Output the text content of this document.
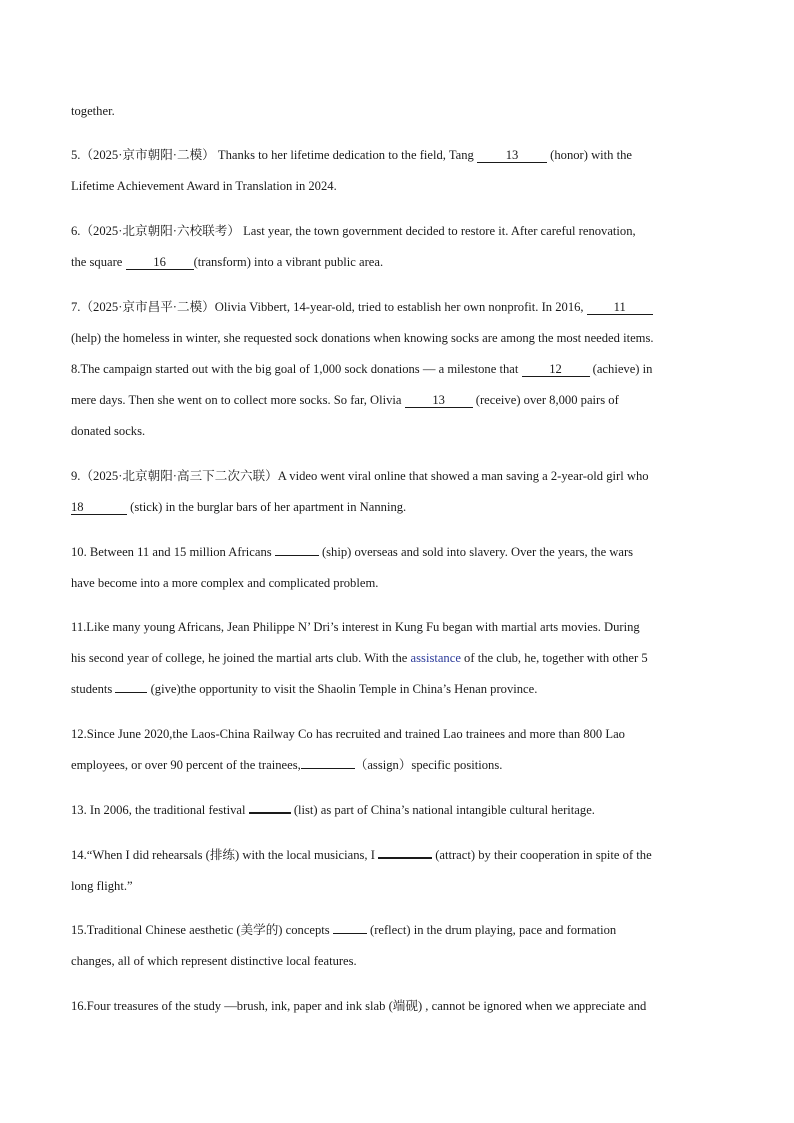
together.
5.（2025·京市朝阳·二模） Thanks to her lifetime dedication to the field, Tang 13 (honor) with the
Lifetime Achievement Award in Translation in 2024.
6.（2025·北京朝阳·六校联考） Last year, the town government decided to restore it. After careful renovation,
the square 16 (transform) into a vibrant public area.
7.（2025·京市昌平·二模）Olivia Vibbert, 14-year-old, tried to establish her own nonprofit. In 2016, 11
(help) the homeless in winter, she requested sock donations when knowing socks are among the most needed items.
8.The campaign started out with the big goal of 1,000 sock donations — a milestone that 12 (achieve) in
mere days. Then she went on to collect more socks. So far, Olivia 13 (receive) over 8,000 pairs of
donated socks.
9.（2025·北京朝阳·高三下二次六联）A video went viral online that showed a man saving a 2-year-old girl who
18	(stick) in the burglar bars of her apartment in Nanning.
10. Between 11 and 15 million Africans	(ship) overseas and sold into slavery. Over the years, the wars
have become into a more complex and complicated problem.
11.Like many young Africans, Jean Philippe N’ Dri’s interest in Kung Fu began with martial arts movies. During
his second year of college, he joined the martial arts club. With the assistance of the club, he, together with other 5
students	(give)the opportunity to visit the Shaolin Temple in China’s Henan province.
12.Since June 2020,the Laos-China Railway Co has recruited and trained Lao trainees and more than 800 Lao
employees, or over 90 percent of the trainees,	（assign）specific positions.
13. In 2006, the traditional festival	(list) as part of China’s national intangible cultural heritage.
14.“When I did rehearsals (排练) with the local musicians, I	(attract) by their cooperation in spite of the
long flight.”
15.Traditional Chinese aesthetic (美学的) concepts	(reflect) in the drum playing, pace and formation
changes, all of which represent distinctive local features.
16.Four treasures of the study —brush, ink, paper and ink slab (端砚) , cannot be ignored when we appreciate and
